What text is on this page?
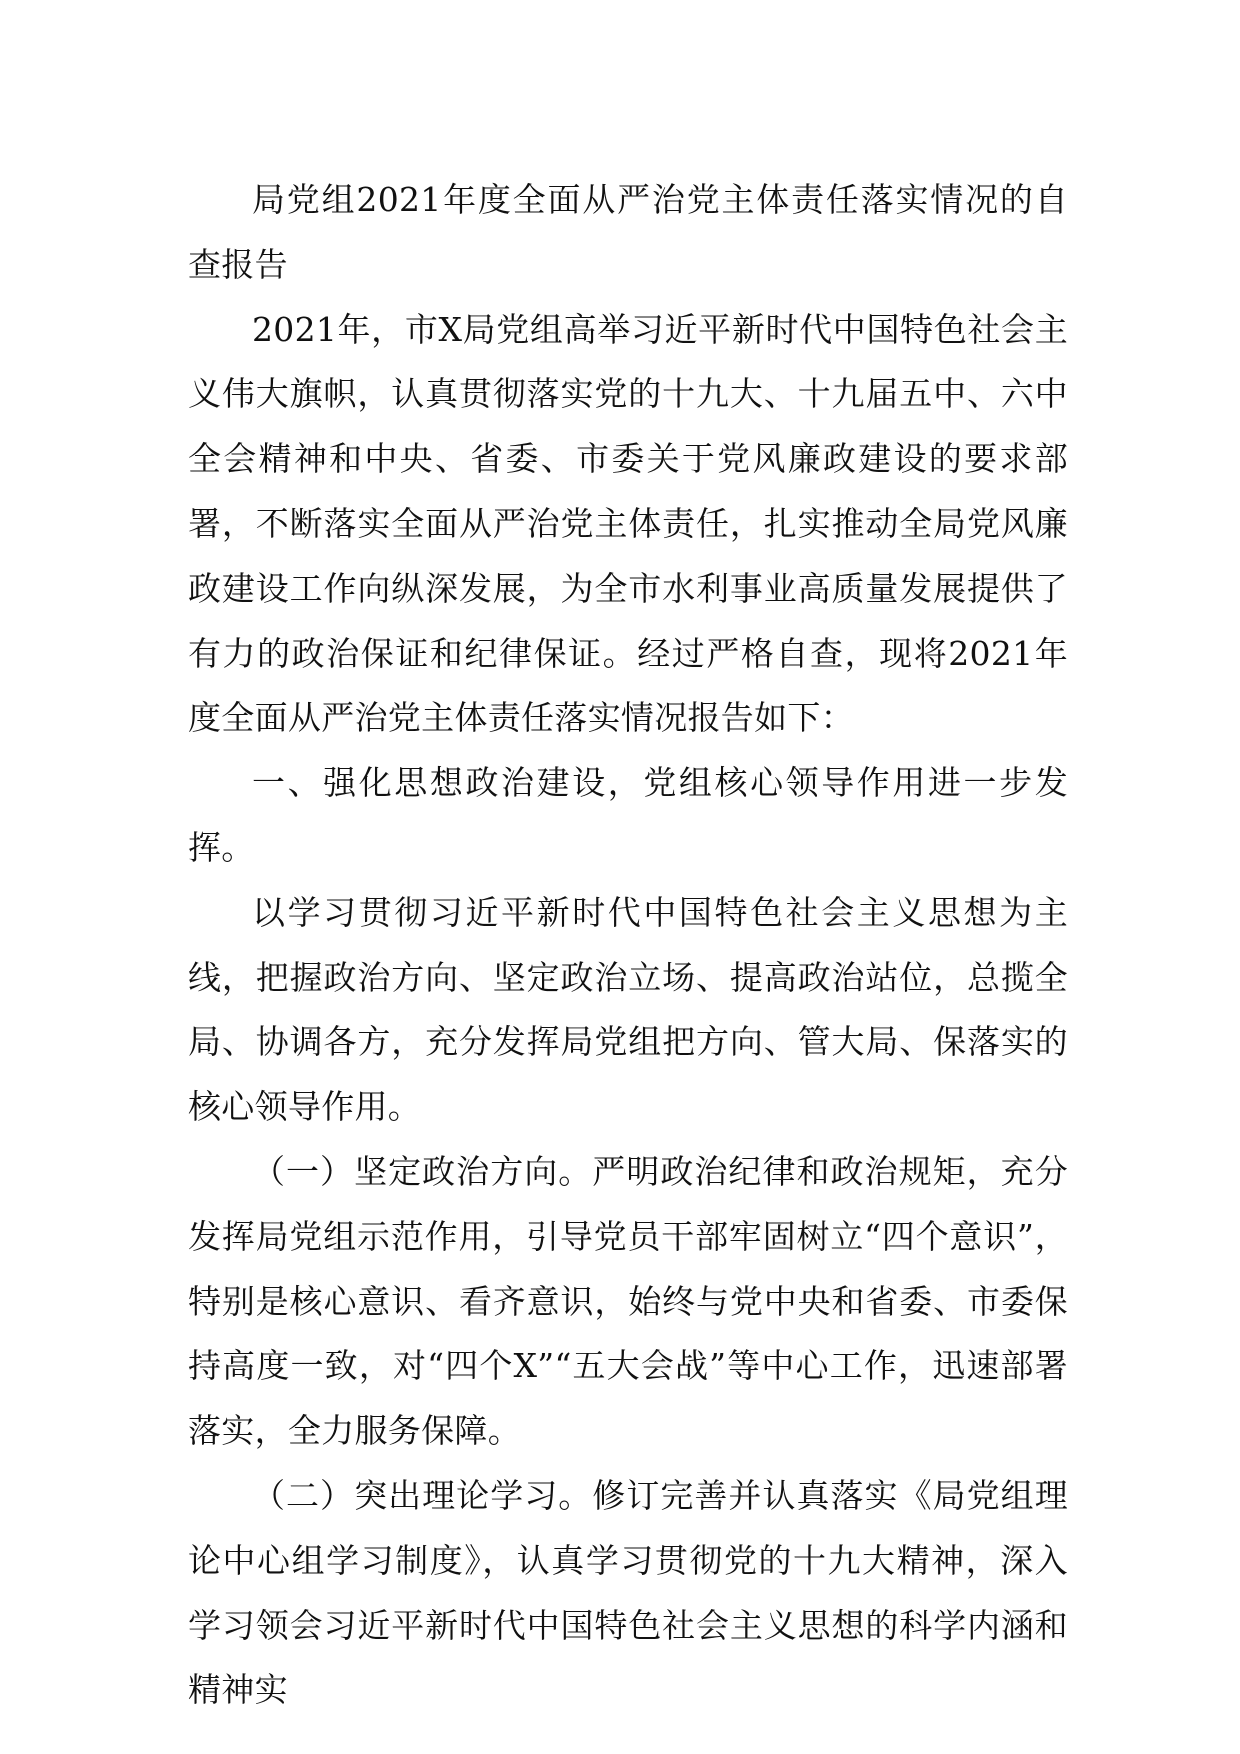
局党组2021年度全面从严治党主体责任落实情况的自查报告

2021年，市X局党组高举习近平新时代中国特色社会主义伟大旗帜，认真贯彻落实党的十九大、十九届五中、六中全会精神和中央、省委、市委关于党风廉政建设的要求部署，不断落实全面从严治党主体责任，扎实推动全局党风廉政建设工作向纵深发展，为全市水利事业高质量发展提供了有力的政治保证和纪律保证。经过严格自查，现将2021年度全面从严治党主体责任落实情况报告如下：

一、强化思想政治建设，党组核心领导作用进一步发挥。

以学习贯彻习近平新时代中国特色社会主义思想为主线，把握政治方向、坚定政治立场、提高政治站位，总揽全局、协调各方，充分发挥局党组把方向、管大局、保落实的核心领导作用。

（一）坚定政治方向。严明政治纪律和政治规矩，充分发挥局党组示范作用，引导党员干部牢固树立“四个意识”，特别是核心意识、看齐意识，始终与党中央和省委、市委保持高度一致，对“四个X”“五大会战”等中心工作，迅速部署落实，全力服务保障。

（二）突出理论学习。修订完善并认真落实《局党组理论中心组学习制度》，认真学习贯彻党的十九大精神，深入学习领会习近平新时代中国特色社会主义思想的科学内涵和精神实
